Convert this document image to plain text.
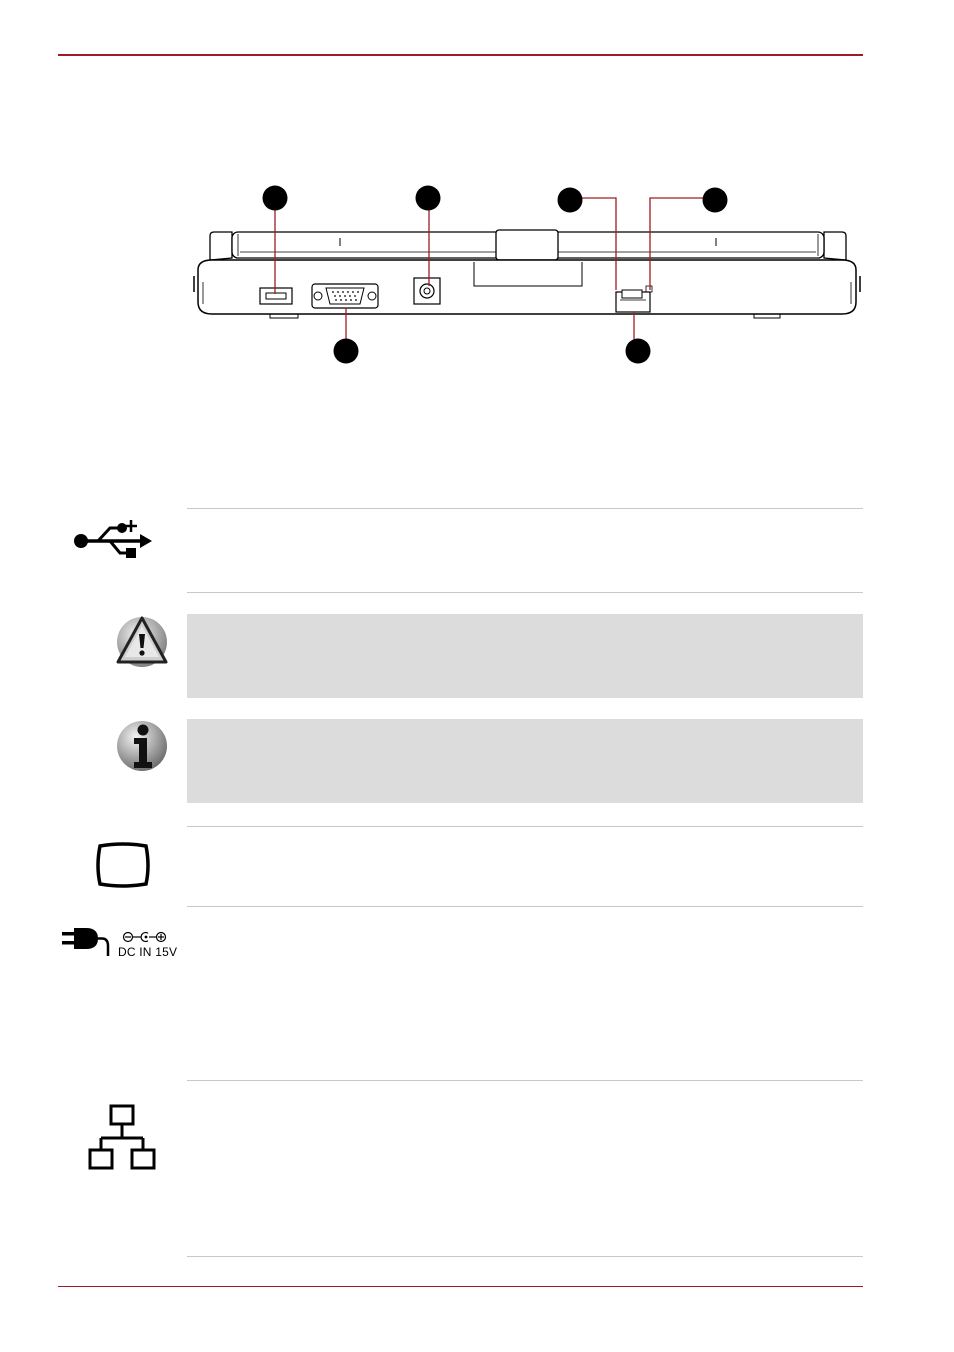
DC IN 15V
